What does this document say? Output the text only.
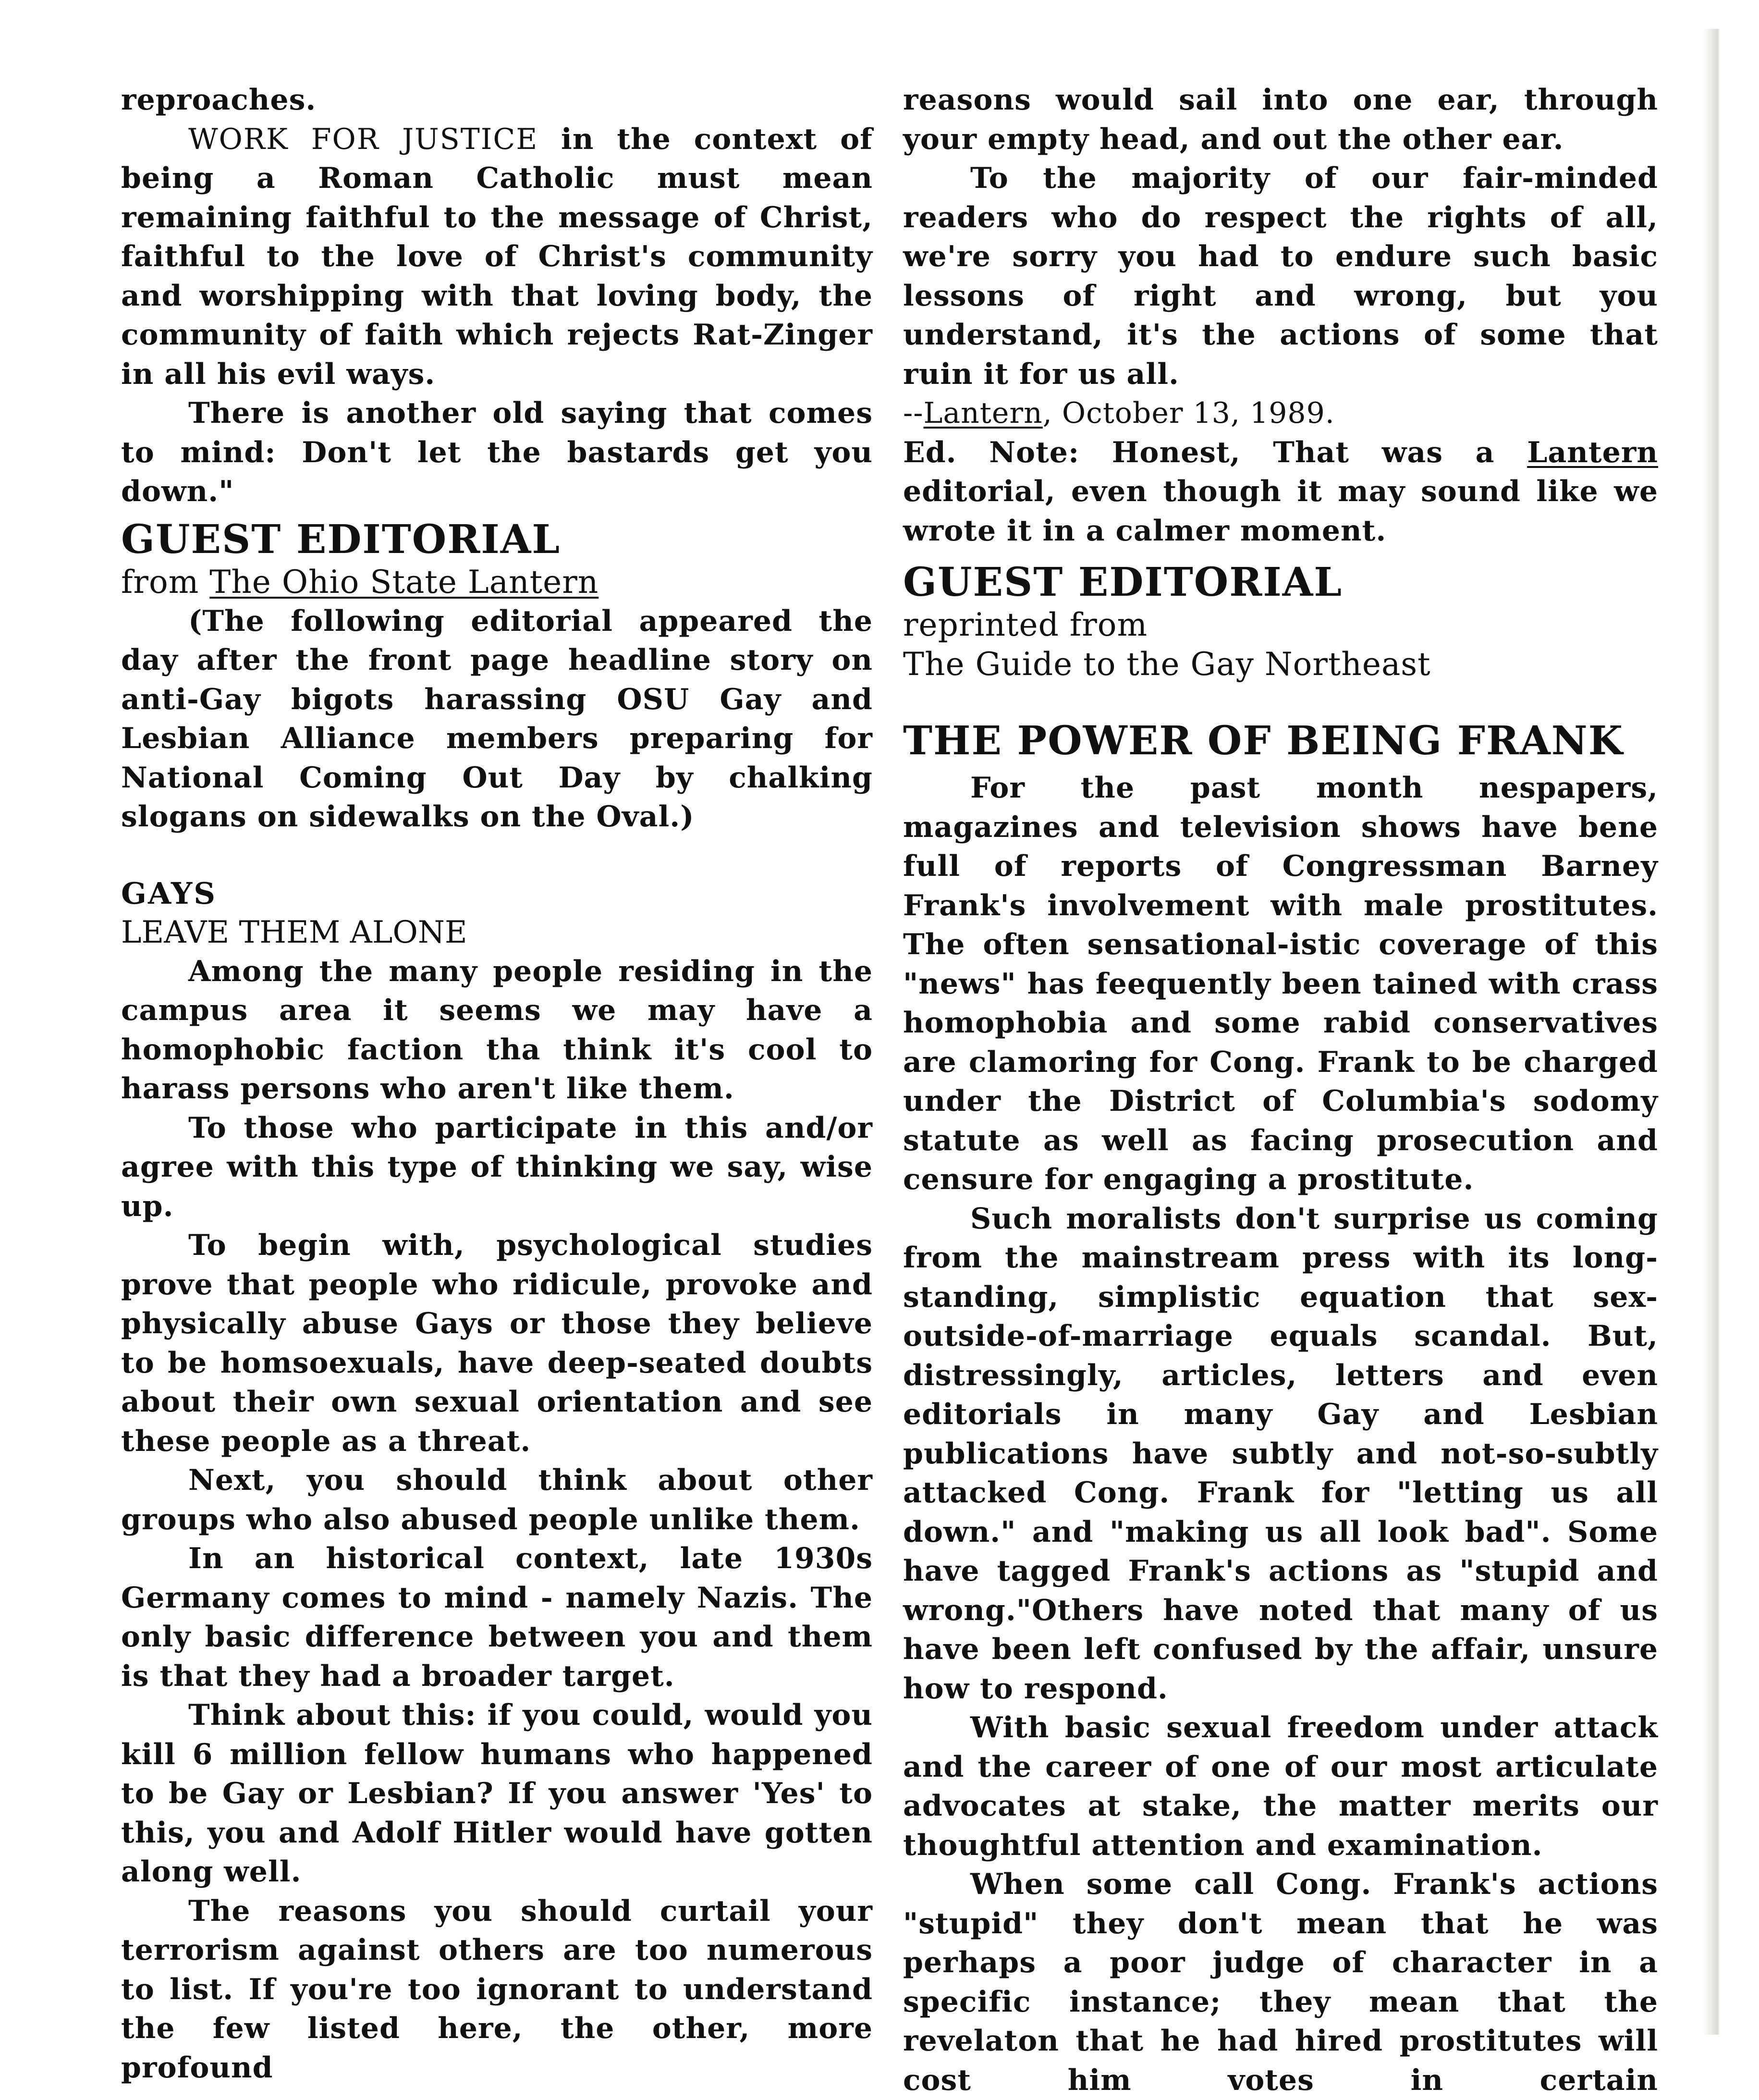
reproaches.

WORK FOR JUSTICE in the context of being a Roman Catholic must mean remaining faithful to the message of Christ, faithful to the love of Christ's community and worshipping with that loving body, the community of faith which rejects Rat-Zinger in all his evil ways.

There is another old saying that comes to mind: Don't let the bastards get you down."

GUEST EDITORIAL

from The Ohio State Lantern

(The following editorial appeared the day after the front page headline story on anti-Gay bigots harassing OSU Gay and Lesbian Alliance members preparing for National Coming Out Day by chalking slogans on sidewalks on the Oval.)

GAYS
LEAVE THEM ALONE

Among the many people residing in the campus area it seems we may have a homophobic faction tha think it's cool to harass persons who aren't like them.

To those who participate in this and/or agree with this type of thinking we say, wise up.

To begin with, psychological studies prove that people who ridicule, provoke and physically abuse Gays or those they believe to be homsoexuals, have deep-seated doubts about their own sexual orientation and see these people as a threat.

Next, you should think about other groups who also abused people unlike them.

In an historical context, late 1930s Germany comes to mind - namely Nazis. The only basic difference between you and them is that they had a broader target.

Think about this: if you could, would you kill 6 million fellow humans who happened to be Gay or Lesbian? If you answer 'Yes' to this, you and Adolf Hitler would have gotten along well.

The reasons you should curtail your terrorism against others are too numerous to list. If you're too ignorant to understand the few listed here, the other, more profound

reasons would sail into one ear, through your empty head, and out the other ear.

To the majority of our fair-minded readers who do respect the rights of all, we're sorry you had to endure such basic lessons of right and wrong, but you understand, it's the actions of some that ruin it for us all.

--Lantern, October 13, 1989.

Ed. Note: Honest, That was a Lantern editorial, even though it may sound like we wrote it in a calmer moment.

GUEST EDITORIAL

reprinted from

The Guide to the Gay Northeast

THE POWER OF BEING FRANK

For the past month nespapers, magazines and television shows have bene full of reports of Congressman Barney Frank's involvement with male prostitutes. The often sensational-istic coverage of this "news" has feequently been tained with crass homophobia and some rabid conservatives are clamoring for Cong. Frank to be charged under the District of Columbia's sodomy statute as well as facing prosecution and censure for engaging a prostitute.

Such moralists don't surprise us coming from the mainstream press with its long-standing, simplistic equation that sex-outside-of-marriage equals scandal. But, distressingly, articles, letters and even editorials in many Gay and Lesbian publications have subtly and not-so-subtly attacked Cong. Frank for "letting us all down." and "making us all look bad". Some have tagged Frank's actions as "stupid and wrong."Others have noted that many of us have been left confused by the affair, unsure how to respond.

With basic sexual freedom under attack and the career of one of our most articulate advocates at stake, the matter merits our thoughtful attention and examination.

When some call Cong. Frank's actions "stupid" they don't mean that he was perhaps a poor judge of character in a specific instance; they mean that the revelaton that he had hired prostitutes will cost him votes in certain
